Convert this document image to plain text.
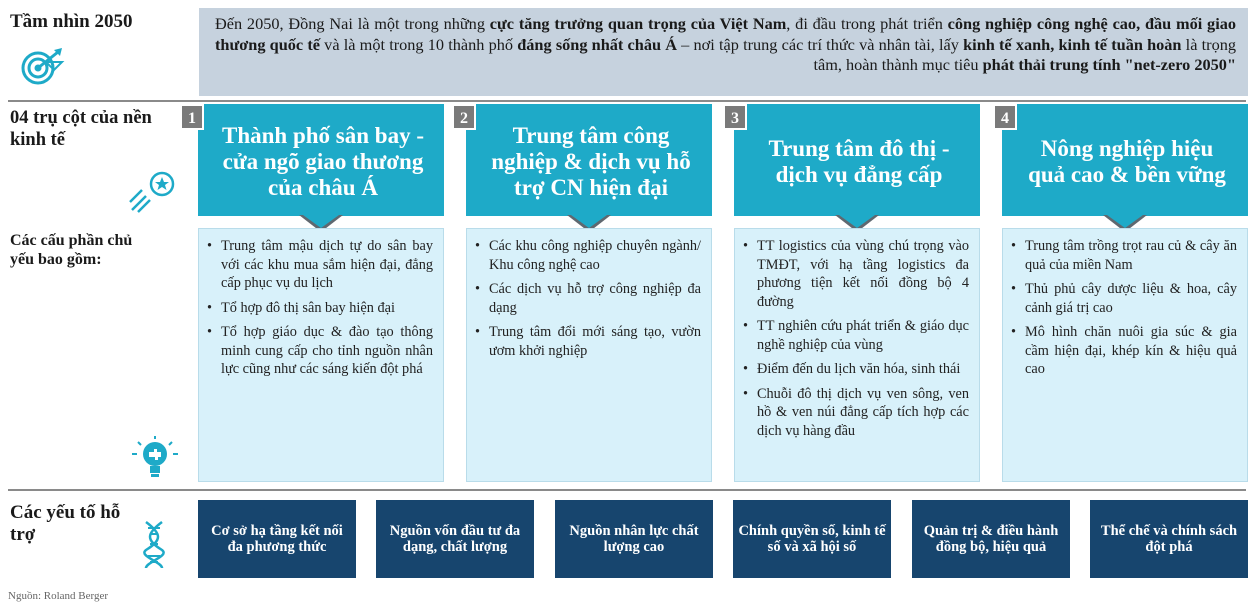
Tầm nhìn 2050
04 trụ cột của nền kinh tế
Các cấu phần chủ yếu bao gồm:
Các yếu tố hỗ trợ
Đến 2050, Đồng Nai là một trong những cực tăng trưởng quan trọng của Việt Nam, đi đầu trong phát triển công nghiệp công nghệ cao, đầu mối giao thương quốc tế và là một trong 10 thành phố đáng sống nhất châu Á – nơi tập trung các trí thức và nhân tài, lấy kinh tế xanh, kinh tế tuần hoàn là trọng tâm, hoàn thành mục tiêu phát thải trung tính "net-zero 2050"
Thành phố sân bay - cửa ngõ giao thương của châu Á
1
• Trung tâm mậu dịch tự do sân bay với các khu mua sắm hiện đại, đẳng cấp phục vụ du lịch
• Tổ hợp đô thị sân bay hiện đại
• Tổ hợp giáo dục & đào tạo thông minh cung cấp cho tỉnh nguồn nhân lực cũng như các sáng kiến đột phá
Trung tâm công nghiệp & dịch vụ hỗ trợ CN hiện đại
2
• Các khu công nghiệp chuyên ngành/ Khu công nghệ cao
• Các dịch vụ hỗ trợ công nghiệp đa dạng
• Trung tâm đổi mới sáng tạo, vườn ươm khởi nghiệp
Trung tâm đô thị - dịch vụ đẳng cấp
3
• TT logistics của vùng chú trọng vào TMĐT, với hạ tầng logistics đa phương tiện kết nối đồng bộ 4 đường
• TT nghiên cứu phát triển & giáo dục nghề nghiệp của vùng
• Điểm đến du lịch văn hóa, sinh thái
• Chuỗi đô thị dịch vụ ven sông, ven hồ & ven núi đẳng cấp tích hợp các dịch vụ hàng đầu
Nông nghiệp hiệu quả cao & bền vững
4
• Trung tâm trồng trọt rau củ & cây ăn quả của miền Nam
• Thủ phủ cây dược liệu & hoa, cây cảnh giá trị cao
• Mô hình chăn nuôi gia súc & gia cầm hiện đại, khép kín & hiệu quả cao
Cơ sở hạ tầng kết nối đa phương thức
Nguồn vốn đầu tư đa dạng, chất lượng
Nguồn nhân lực chất lượng cao
Chính quyền số, kinh tế số và xã hội số
Quản trị & điều hành đồng bộ, hiệu quả
Thể chế và chính sách đột phá
Nguồn: Roland Berger
